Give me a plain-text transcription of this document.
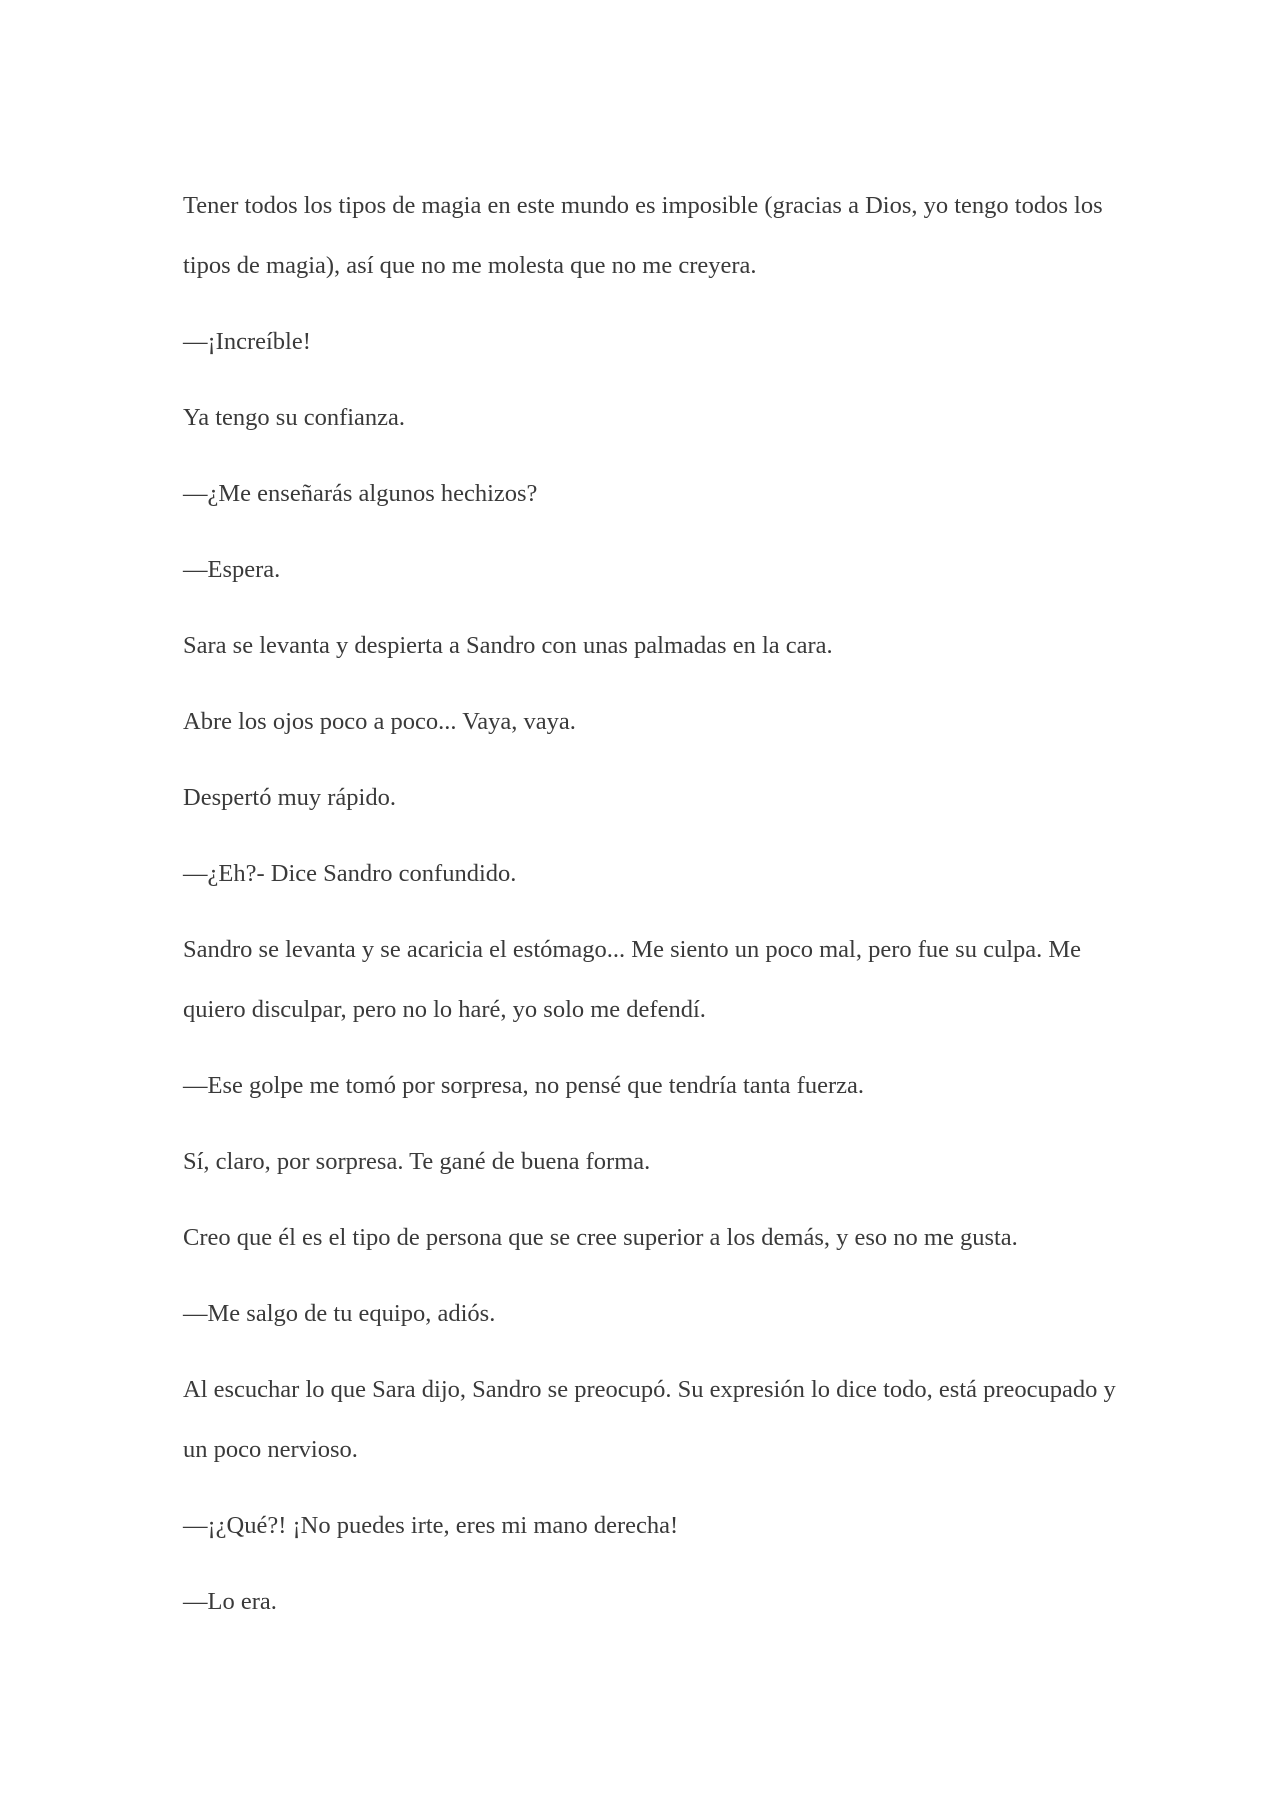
Tener todos los tipos de magia en este mundo es imposible (gracias a Dios, yo tengo todos los tipos de magia), así que no me molesta que no me creyera.

—¡Increíble!

Ya tengo su confianza.

—¿Me enseñarás algunos hechizos?

—Espera.

Sara se levanta y despierta a Sandro con unas palmadas en la cara.

Abre los ojos poco a poco... Vaya, vaya.

Despertó muy rápido.

—¿Eh?- Dice Sandro confundido.

Sandro se levanta y se acaricia el estómago... Me siento un poco mal, pero fue su culpa. Me quiero disculpar, pero no lo haré, yo solo me defendí.

—Ese golpe me tomó por sorpresa, no pensé que tendría tanta fuerza.

Sí, claro, por sorpresa. Te gané de buena forma.

Creo que él es el tipo de persona que se cree superior a los demás, y eso no me gusta.

—Me salgo de tu equipo, adiós.

Al escuchar lo que Sara dijo, Sandro se preocupó. Su expresión lo dice todo, está preocupado y un poco nervioso.

—¡¿Qué?! ¡No puedes irte, eres mi mano derecha!

—Lo era.
